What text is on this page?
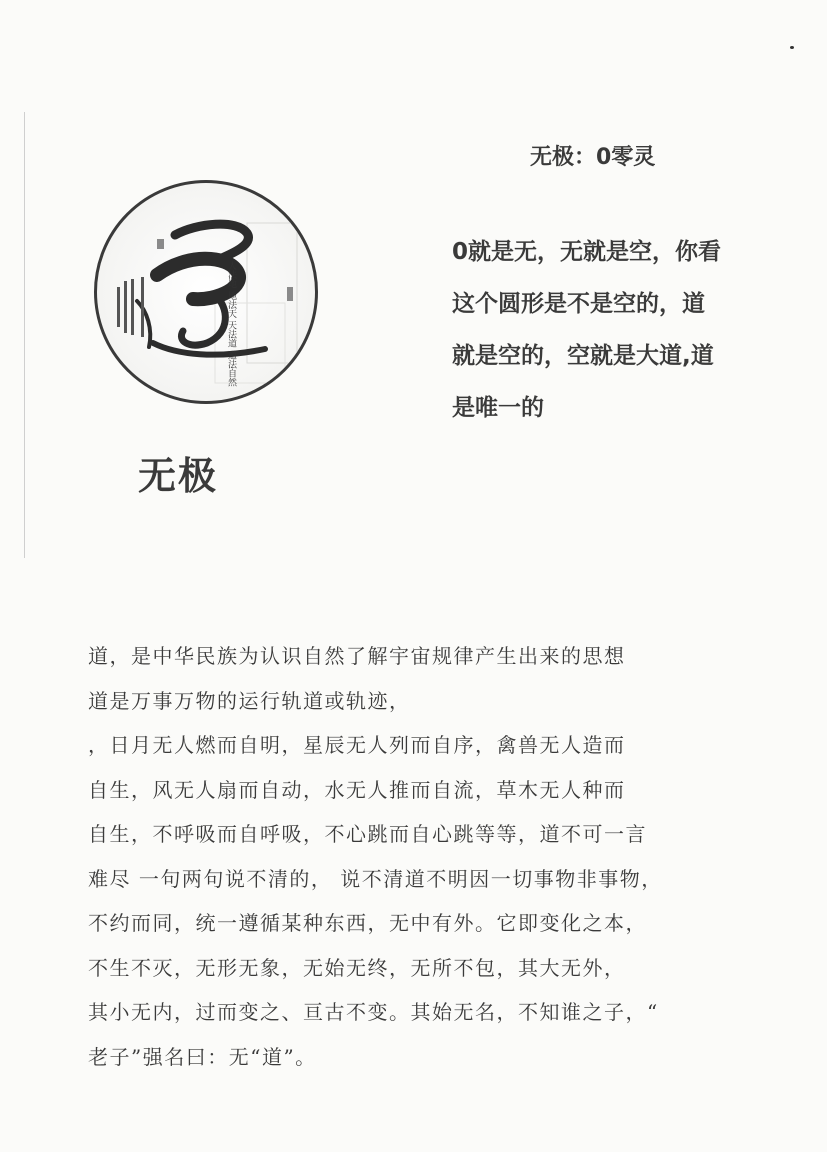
人法地 地法天 天法道 道法自然
无极
无极：0零灵
0就是无，无就是空，你看
这个圆形是不是空的，道
就是空的，空就是大道,道
是唯一的
道，是中华民族为认识自然了解宇宙规律产生出来的思想
道是万事万物的运行轨道或轨迹，
，日月无人燃而自明，星辰无人列而自序，禽兽无人造而
自生，风无人扇而自动，水无人推而自流，草木无人种而
自生，不呼吸而自呼吸，不心跳而自心跳等等，道不可一言
难尽 一句两句说不清的， 说不清道不明因一切事物非事物，
不约而同，统一遵循某种东西，无中有外。它即变化之本，
不生不灭，无形无象，无始无终，无所不包，其大无外，
其小无内，过而变之、亘古不变。其始无名，不知谁之子，“
老子”强名曰：无“道”。
